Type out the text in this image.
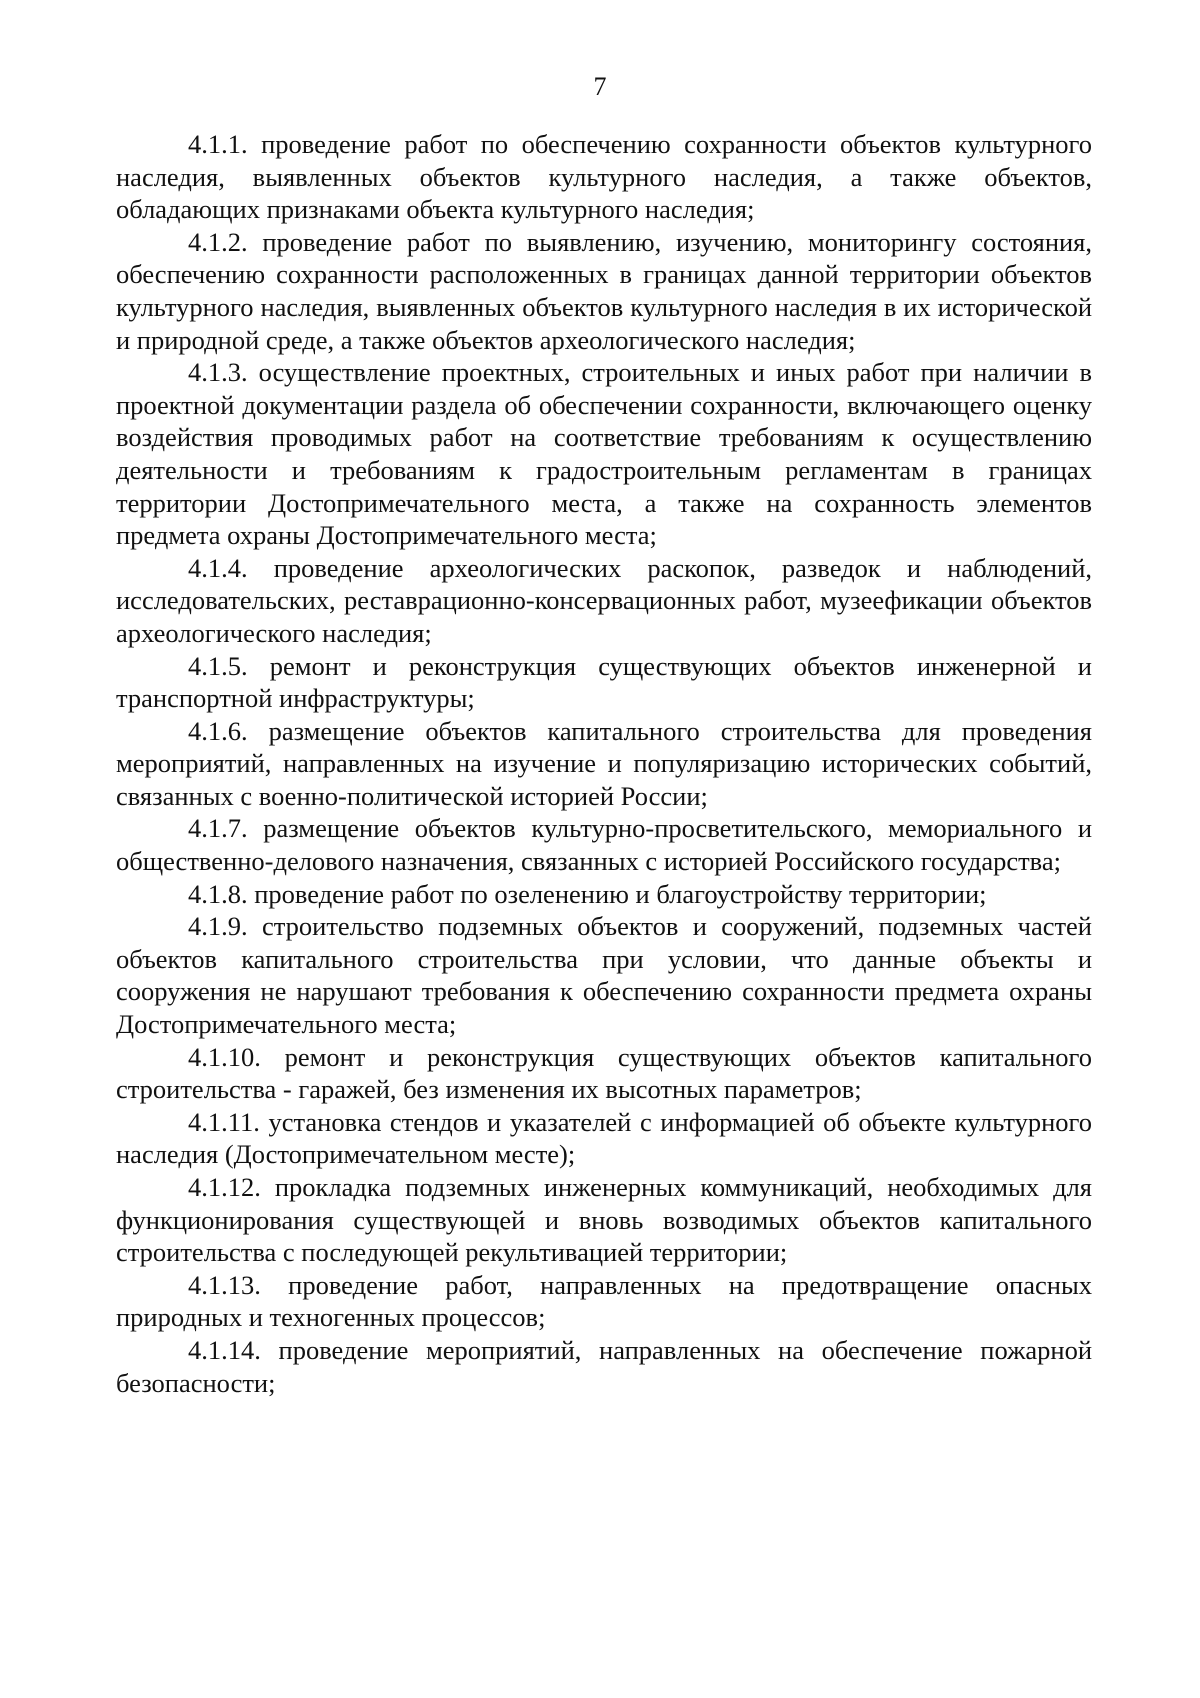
7

4.1.1. проведение работ по обеспечению сохранности объектов культурного наследия, выявленных объектов культурного наследия, а также объектов, обладающих признаками объекта культурного наследия;

4.1.2. проведение работ по выявлению, изучению, мониторингу состояния, обеспечению сохранности расположенных в границах данной территории объектов культурного наследия, выявленных объектов культурного наследия в их исторической и природной среде, а также объектов археологического наследия;

4.1.3. осуществление проектных, строительных и иных работ при наличии в проектной документации раздела об обеспечении сохранности, включающего оценку воздействия проводимых работ на соответствие требованиям к осуществлению деятельности и требованиям к градостроительным регламентам в границах территории Достопримечательного места, а также на сохранность элементов предмета охраны Достопримечательного места;

4.1.4. проведение археологических раскопок, разведок и наблюдений, исследовательских, реставрационно-консервационных работ, музеефикации объектов археологического наследия;

4.1.5. ремонт и реконструкция существующих объектов инженерной и транспортной инфраструктуры;

4.1.6. размещение объектов капитального строительства для проведения мероприятий, направленных на изучение и популяризацию исторических событий, связанных с военно-политической историей России;

4.1.7. размещение объектов культурно-просветительского, мемориального и общественно-делового назначения, связанных с историей Российского государства;

4.1.8. проведение работ по озеленению и благоустройству территории;

4.1.9. строительство подземных объектов и сооружений, подземных частей объектов капитального строительства при условии, что данные объекты и сооружения не нарушают требования к обеспечению сохранности предмета охраны Достопримечательного места;

4.1.10. ремонт и реконструкция существующих объектов капитального строительства - гаражей, без изменения их высотных параметров;

4.1.11. установка стендов и указателей с информацией об объекте культурного наследия (Достопримечательном месте);

4.1.12. прокладка подземных инженерных коммуникаций, необходимых для функционирования существующей и вновь возводимых объектов капитального строительства с последующей рекультивацией территории;

4.1.13. проведение работ, направленных на предотвращение опасных природных и техногенных процессов;

4.1.14. проведение мероприятий, направленных на обеспечение пожарной безопасности;
